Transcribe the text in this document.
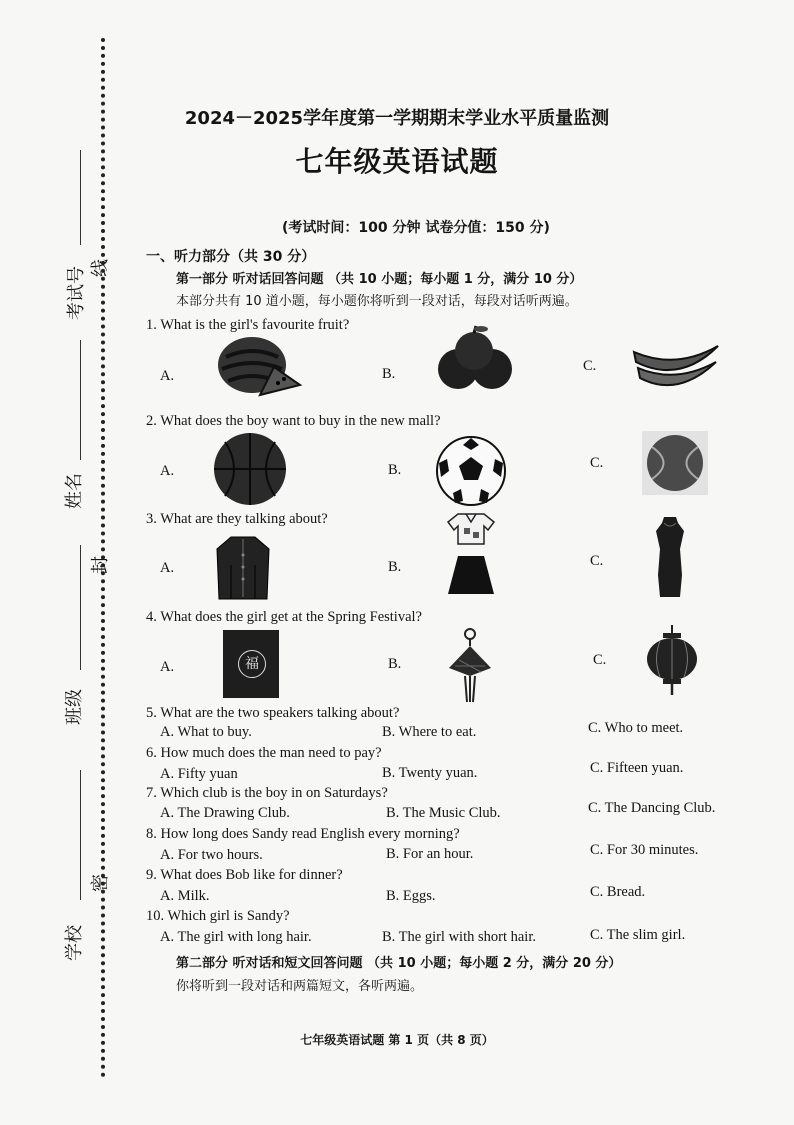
考试号 线
姓名
封
班级
密
学校
2024－2025学年度第一学期期末学业水平质量监测
七年级英语试题
(考试时间：100 分钟 试卷分值：150 分)
一、听力部分（共 30 分）
第一部分 听对话回答问题 （共 10 小题；每小题 1 分，满分 10 分）
本部分共有 10 道小题，每小题你将听到一段对话，每段对话听两遍。
1. What is the girl's favourite fruit?
A.	B.	C.
2. What does the boy want to buy in the new mall?
A.	B.	C.
3. What are they talking about?
A.	B.	C.
4. What does the girl get at the Spring Festival?
A.	福	B.	C.
5. What are the two speakers talking about?
A. What to buy.	B. Where to eat.	C. Who to meet.
6. How much does the man need to pay?
A. Fifty yuan	B. Twenty yuan.	C. Fifteen yuan.
7. Which club is the boy in on Saturdays?
A. The Drawing Club.	B. The Music Club.	C. The Dancing Club.
8. How long does Sandy read English every morning?
A. For two hours.	B. For an hour.	C. For 30 minutes.
9. What does Bob like for dinner?
A. Milk.	B. Eggs.	C. Bread.
10. Which girl is Sandy?
A. The girl with long hair.	B. The girl with short hair.	C. The slim girl.
第二部分 听对话和短文回答问题 （共 10 小题；每小题 2 分，满分 20 分）
你将听到一段对话和两篇短文，各听两遍。
七年级英语试题 第 1 页（共 8 页）
